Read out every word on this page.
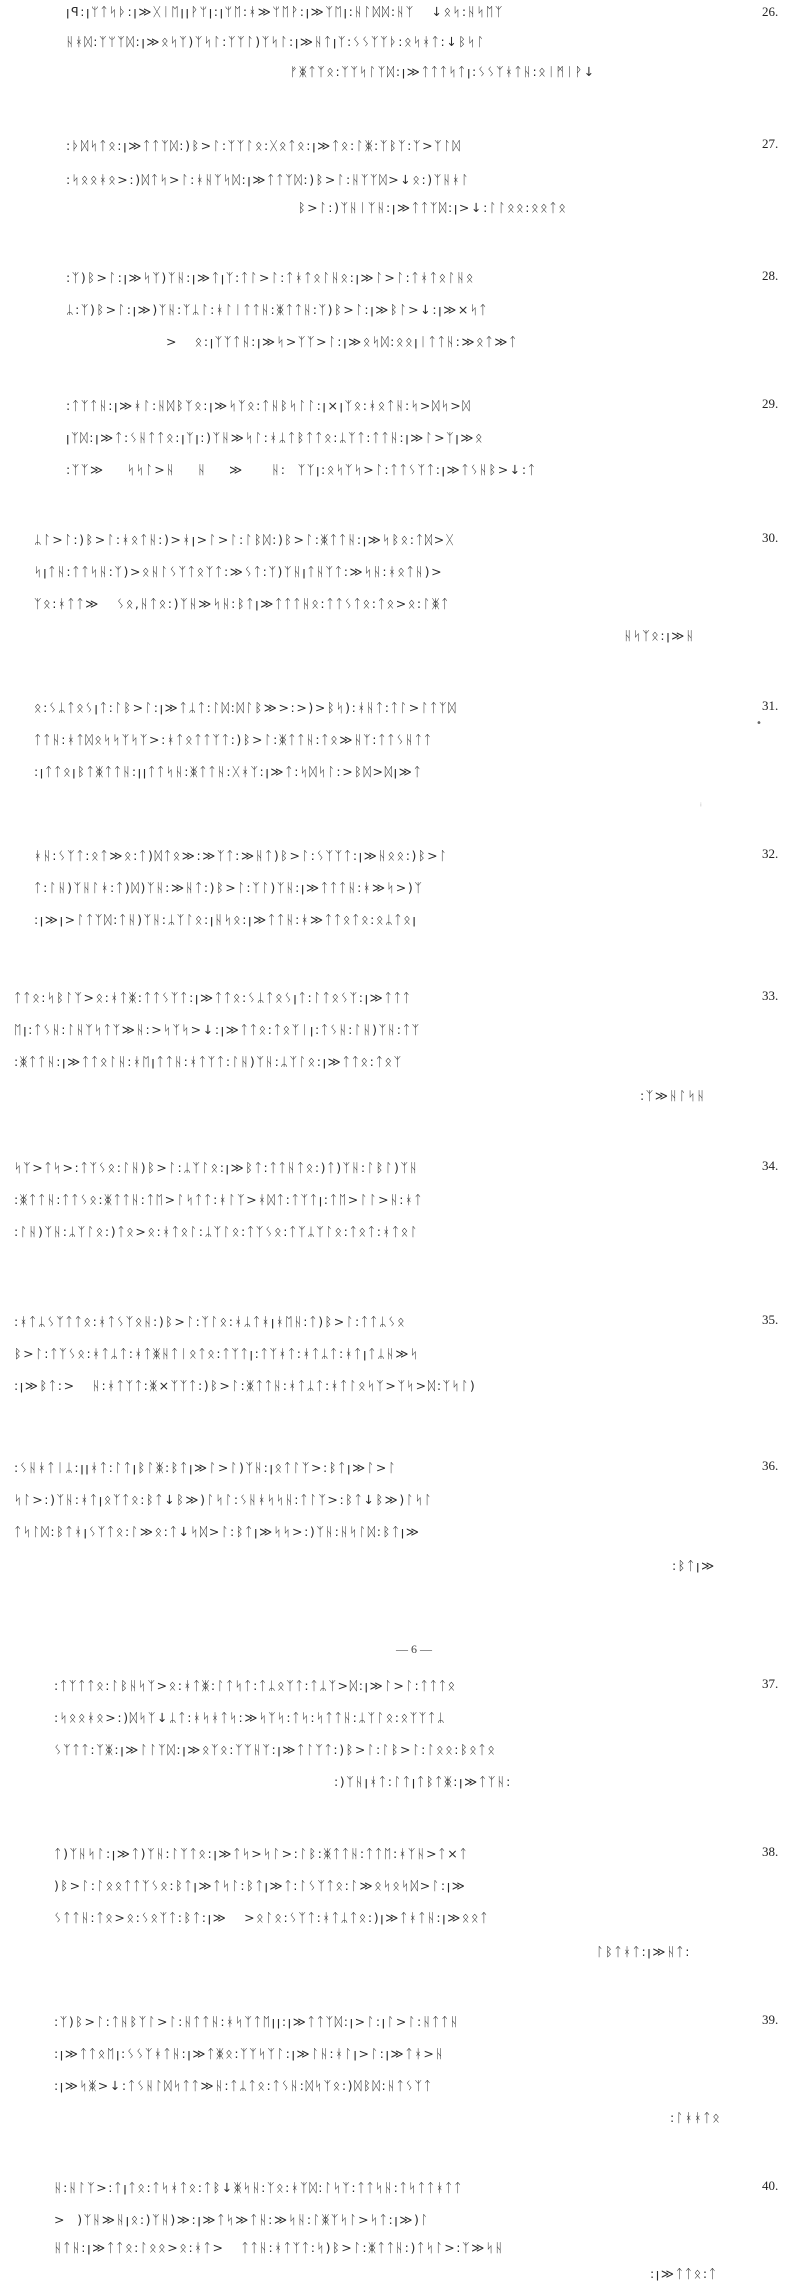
ꞁꟼ:ꞁᛘᛏᛋᚦ:ꞁ≫ᚷᛁᛖꞁꞁᚹᛘꞁ:ꞁᛘᛖ:ᚼ≫ᛘᛖᚹ:ꞁ≫ᛉᛖꞁ:ᚺᛚᛞᛞ:ᚺᛉ   ↓ᛟᛋ:ᚺᛋᛖᛉ
ᚺᚼᛞ:ᛉᛘᛉᛞ:ꞁ≫ᛟᛋᛉ)ᛉᛋᛚ:ᛉᛉᛚ)ᛉᛋᛚ:ꞁ≫ᚺᛏꞁᛉ:ᛊᛊᛉᛉᚦ:ᛟᛋᚼᛏ:↓ᛒᛋᛚ
ᚠᛤᛏᛉᛟ:ᛉᛉᛋᛚᛉᛞ:ꞁ≫ᛏᛏᛏᛋᛏꞁ:ᛊᛊᛉᚼᛏᚺ:ᛟᛁᛗᛁᚹ↓
26.
:ᚦᛞᛋᛏᛟ:ꞁ≫ᛏᛏᛉᛞ:)ᛒ>ᛚ:ᛉᛉᛚᛟ:ᚷᛟᛏᛟ:ꞁ≫ᛏᛟ:ᛚᛤ:ᛉᛒᛉ:ᛉ>ᛉᛚᛞ
:ᛋᛟᛟᚼᛟ>:)ᛞᛏᛋ>ᛚ:ᚼᚺᛉᛋᛞ:ꞁ≫ᛏᛏᛉᛞ:)ᛒ>ᛚ:ᚺᛉᛉᛞ>↓ᛟ:)ᛉᚺᚼᛚ
ᛒ>ᛚ:)ᛉᚺᛁᛉᚺ:ꞁ≫ᛏᛏᛉᛞ:ꞁ>↓:ᛚᛚᛟᛟ:ᛟᛟᛏᛟ
27.
:ᛉ)ᛒ>ᛚ:ꞁ≫ᛋᛉ)ᛉᚺ:ꞁ≫ᛏꞁᛉ:ᛏᛚ>ᛚ:ᛏᚼᛏᛟᛚᚺᛟ:ꞁ≫ᛚ>ᛚ:ᛏᚼᛏᛟᛚᚺᛟ
ᛦ:ᛉ)ᛒ>ᛚ:ꞁ≫)ᛉᚺ:ᛉᛦᛚ:ᚼᛚᛁᛏᛏᚺ:ᛤᛏᛏᚺ:ᛉ)ᛒ>ᛚ:ꞁ≫ᛒᛚ>↓:ꞁ≫×ᛋᛏ
>   ᛟ:ꞁᛉᛉᛏᚺ:ꞁ≫ᛋ>ᛉᛉ>ᛚ:ꞁ≫ᛟᛋᛞ:ᛟᛟꞁᛁᛏᛏᚺ:≫ᛟᛏ≫ᛏ
28.
:ᛏᛉᛏᚺ:ꞁ≫ᚼᛚ:ᚺᛞᛒᛉᛟ:ꞁ≫ᛋᛉᛟ:ᛏᚺᛒᛋᛚᛚ:ꞁ×ꞁᛉᛟ:ᚼᛟᛏᚺ:ᛋ>ᛞᛋ>ᛞ
ꞁᛉᛞ:ꞁ≫ᛏ:ᛊᚺᛏᛏᛟ:ꞁᛉꞁ:)ᛉᚺ≫ᛋᛚ:ᚼᛦᛏᛒᛏᛏᛟ:ᛦᛉᛏ:ᛏᛏᚺ:ꞁ≫ᛚ>ᛉꞁ≫ᛟ
:ᛉᛉ≫    ᛋᛋᛚ>ᚺ    ᚺ    ≫     ᚺ:  ᛉᛉꞁ:ᛟᛋᛉᛋ>ᛚ:ᛏᛏᛊᛉᛏ:ꞁ≫ᛏᛊᚺᛒ>↓:ᛏ
29.
ᛦᛚ>ᛚ:)ᛒ>ᛚ:ᚼᛟᛏᚺ:)>ᚼꞁ>ᛚ>ᛚ:ᛚᛒᛞ:)ᛒ>ᛚ:ᛤᛏᛏᚺ:ꞁ≫ᛋᛒᛟ:ᛏᛞ>ᚷ
ᛋꞁᛏᚺ:ᛏᛏᛋᚺ:ᛉ)>ᛟᚺᛚᛊᛉᛏᛟᛉᛏ:≫ᛊᛏ:ᛉ)ᛉᚺꞁᛏᚺᛉᛏ:≫ᛋᚺ:ᚼᛟᛏᚺ)>
ᛉᛟ:ᚼᛏᛏ≫   ᛊᛟ,ᚺᛏᛟ:)ᛉᚺ≫ᛋᚺ:ᛒᛏꞁ≫ᛏᛏᛏᚺᛟ:ᛏᛏᛊᛏᛟ:ᛏᛟ>ᛟ:ᛚᛤᛏ
ᚺᛋᛉᛟ:ꞁ≫ᚺ
30.
ᛟ:ᛊᛦᛏᛟᛊꞁᛏ:ᛚᛒ>ᛚ:ꞁ≫ᛏᛦᛏ:ᛚᛞ:ᛞᛚᛒ≫>:>)>ᛒᛋ):ᚼᚺᛏ:ᛏᛚ>ᛚᛏᛉᛞ
ᛏᛏᚺ:ᚼᛏᛞᛟᛋᛋᛉᛋᛉ>:ᚼᛏᛟᛏᛏᛉᛏ:)ᛒ>ᛚ:ᛤᛏᛏᚺ:ᛏᛟ≫ᚺᛉ:ᛏᛏᛊᚺᛏᛏ
:ꞁᛏᛏᛟꞁᛒᛏᛤᛏᛏᚺ:ꞁꞁᛏᛏᛋᚺ:ᛤᛏᛏᚺ:ᚷᚼᛉ:ꞁ≫ᛏ:ᛋᛞᛋᛚ:>ᛒᛞ>ᛞꞁ≫ᛏ
31.
ᚼᚺ:ᛊᛉᛏ:ᛟᛏ≫ᛟ:ᛏ)ᛞᛏᛟ≫:≫ᛉᛏ:≫ᚺᛏ)ᛒ>ᛚ:ᛊᛉᛉᛏ:ꞁ≫ᚺᛟᛟ:)ᛒ>ᛚ
ᛏ:ᛚᚺ)ᛉᚺᛚᚼ:ᛏ)ᛞ)ᛉᚺ:≫ᚺᛏ:)ᛒ>ᛚ:ᛉᛚ)ᛉᚺ:ꞁ≫ᛏᛏᛏᚺ:ᚼ≫ᛋ>)ᛉ
:ꞁ≫ꞁ>ᛚᛏᛉᛞ:ᛏᚺ)ᛉᚺ:ᛦᛉᛚᛟ:ꞁᚺᛋᛟ:ꞁ≫ᛏᛏᚺ:ᚼ≫ᛏᛏᛟᛏᛟ:ᛟᛦᛏᛟꞁ
32.
ᛏᛏᛟ:ᛋᛒᛚᛉ>ᛟ:ᚼᛏᛤ:ᛏᛏᛊᛉᛏ:ꞁ≫ᛏᛏᛟ:ᛊᛦᛏᛟᛊꞁᛏ:ᛚᛏᛟᛊᛉ:ꞁ≫ᛏᛏᛏ
ᛖꞁ:ᛏᛊᚺ:ᛚᚺᛉᛋᛏᛉ≫ᚺ:>ᛋᛉᛋ>↓:ꞁ≫ᛏᛏᛟ:ᛏᛟᛉᛁꞁ:ᛏᛊᚺ:ᛚᚺ)ᛉᚺ:ᛏᛉ
:ᛤᛏᛏᚺ:ꞁ≫ᛏᛏᛟᛚᚺ:ᚼᛖꞁᛏᛏᚺ:ᚼᛏᛉᛏ:ᛚᚺ)ᛉᚺ:ᛦᛉᛚᛟ:ꞁ≫ᛏᛏᛟ:ᛏᛟᛉ
:ᛉ≫ᚺᛚᛋᚺ
33.
ᛋᛉ>ᛏᛋ>:ᛏᛉᛊᛟ:ᛚᚺ)ᛒ>ᛚ:ᛦᛉᛚᛟ:ꞁ≫ᛒᛏ:ᛏᛏᚺᛏᛟ:)ᛏ)ᛉᚺ:ᛚᛒᛚ)ᛉᚺ
:ᛤᛏᛏᚺ:ᛏᛏᛊᛟ:ᛤᛏᛏᚺ:ᛏᛖ>ᛚᛋᛏᛏ:ᚼᛚᛉ>ᚼᛞᛏ:ᛏᛉᛏꞁ:ᛏᛖ>ᛚᛚ>ᚺ:ᚼᛏ
:ᛚᚺ)ᛉᚺ:ᛦᛉᛚᛟ:)ᛏᛟ>ᛟ:ᚼᛏᛟᛚ:ᛦᛉᛚᛟ:ᛏᛉᛊᛟ:ᛏᛉᛦᛉᛚᛟ:ᛏᛟᛏ:ᚼᛏᛟᛚ
34.
:ᚼᛏᛦᛊᛉᛏᛏᛟ:ᚼᛏᛊᛉᛟᚺ:)ᛒ>ᛚ:ᛉᛚᛟ:ᚼᛦᛏᚼꞁᚼᛖᚺ:ᛏ)ᛒ>ᛚ:ᛏᛏᛦᛊᛟ
ᛒ>ᛚ:ᛏᛉᛊᛟ:ᚼᛏᛦᛏ:ᚼᛏᛤᚺᛏᛁᛟᛏᛟ:ᛏᛉᛏꞁ:ᛏᛉᚼᛏ:ᚼᛏᛦᛏ:ᚼᛏꞁᛏᛦᚺ≫ᛋ
:ꞁ≫ᛒᛏ:>   ᚺ:ᚼᛏᛉᛏ:ᛤ×ᛉᛉᛏ:)ᛒ>ᛚ:ᛤᛏᛏᚺ:ᚼᛏᛦᛏ:ᚼᛏᛚᛟᛋᛉ>ᛉᛋ>ᛞ:ᛉᛋᛚ)
35.
:ᛊᚺᚼᛏᛁᛦ:ꞁꞁᚼᛏ:ᛚᛏꞁᛒᛚᛤ:ᛒᛏꞁ≫ᛚ>ᛚ)ᛉᚺ:ꞁᛟᛏᛚᛉ>:ᛒᛏꞁ≫ᛚ>ᛚ
ᛋᛚ>:)ᛉᚺ:ᚼᛏꞁᛟᛉᛏᛟ:ᛒᛏ↓ᛒ≫)ᛚᛋᛚ:ᛊᚺᚼᛋᛋᚺ:ᛏᛚᛉ>:ᛒᛏ↓ᛒ≫)ᛚᛋᛚ
ᛏᛋᛚᛞ:ᛒᛏᚼꞁᛊᛉᛏᛟ:ᛚ≫ᛟ:ᛏ↓ᛋᛞ>ᛚ:ᛒᛏꞁ≫ᛋᛋ>:)ᛉᚺ:ᚺᛋᛚᛞ:ᛒᛏꞁ≫
:ᛒᛏꞁ≫
36.
— 6 —
:ᛏᛉᛏᛏᛟ:ᛚᛒᚺᛋᛉ>ᛟ:ᚼᛏᛤ:ᛚᛏᛋᛏ:ᛏᛦᛟᛉᛏ:ᛏᛦᛉ>ᛞ:ꞁ≫ᛚ>ᛚ:ᛏᛏᛏᛟ
:ᛋᛟᛟᚼᛟ>:)ᛞᛋᛉ↓ᛦᛏ:ᚼᛋᚼᛏᛋ:≫ᛋᛉᛋ:ᛏᛋ:ᛋᛏᛏᚺ:ᛦᛉᛚᛟ:ᛟᛉᛉᛏᛦ
ᛊᛉᛏᛏ:ᛉᛤ:ꞁ≫ᛚᛚᛉᛞ:ꞁ≫ᛟᛉᛟ:ᛉᛉᚺᛉ:ꞁ≫ᛏᛚᛉᛏ:)ᛒ>ᛚ:ᛚᛒ>ᛚ:ᛚᛟᛟ:ᛒᛟᛏᛟ
:)ᛉᚺꞁᚼᛏ:ᛚᛏꞁᛏᛒᛏᛤ:ꞁ≫ᛏᛉᚺ:
37.
ᛏ)ᛉᚺᛋᛚ:ꞁ≫ᛏ)ᛉᚺ:ᛚᛉᛏᛟ:ꞁ≫ᛏᛋ>ᛋᛚ>:ᛚᛒ:ᛤᛏᛏᚺ:ᛏᛏᛖ:ᚼᛉᚺ>ᛏ×ᛏ
)ᛒ>ᛚ:ᛚᛟᛟᛏᛏᛉᛊᛟ:ᛒᛏꞁ≫ᛏᛋᛚ:ᛒᛏꞁ≫ᛏ:ᛚᛊᛉᛏᛟ:ᛚ≫ᛟᛋᛟᛋᛞ>ᛚ:ꞁ≫
ᛊᛏᛏᚺ:ᛏᛟ>ᛟ:ᛊᛟᛉᛏ:ᛒᛏ:ꞁ≫   >ᛟᛚᛟ:ᛊᛉᛏ:ᚼᛏᛦᛏᛟ:)ꞁ≫ᛏᚼᛏᚺ:ꞁ≫ᛟᛟᛏ
ᛚᛒᛏᚼᛏ:ꞁ≫ᚺᛏ:
38.
:ᛉ)ᛒ>ᛚ:ᛏᚺᛒᛉᛚ>ᛚ:ᚺᛏᛏᚺ:ᚼᛋᛉᛏᛖꞁꞁ:ꞁ≫ᛏᛏᛉᛞ:ꞁ>ᛚ:ꞁᛚ>ᛚ:ᚺᛏᛏᚺ
:ꞁ≫ᛏᛏᛟᛖꞁ:ᛊᛊᛉᚼᛏᚺ:ꞁ≫ᛏᛤᛟ:ᛉᛉᛋᛉᛚ:ꞁ≫ᛚᚺ:ᚼᛚꞁ>ᛚ:ꞁ≫ᛏᚼ>ᚺ
:ꞁ≫ᛋᛤ>↓:ᛏᛊᚺᛚᛞᛋᛏᛏ≫ᚺ:ᛏᛦᛏᛟ:ᛏᛊᚺ:ᛞᛋᛉᛟ:)ᛞᛒᛞ:ᚺᛏᛊᛉᛏ
:ᛚᚼᚼᛏᛟ
39.
ᚺ:ᚺᛚᛉ>:ᛏꞁᛏᛟ:ᛏᛋᚼᛏᛟ:ᛏᛒ↓ᛤᛋᚺ:ᛉᛟ:ᚼᛉᛞ:ᛚᛋᛉ:ᛏᛏᛋᚺ:ᛏᛋᛏᛏᚼᛏᛏ
>  )ᛉᚺ≫ᚺꞁᛟ:)ᛉᚺ)≫:ꞁ≫ᛏᛋ≫ᛏᚺ:≫ᛋᚺ:ᛚᛤᛉᛋᛚ>ᛋᛏ:ꞁ≫)ᛚ
ᚺᛏᚺ:ꞁ≫ᛏᛏᛟ:ᛚᛟᛟ>ᛟ:ᚼᛏ>   ᛏᛏᚺ:ᚼᛏᛉᛏ:ᛋ)ᛒ>ᛚ:ᛤᛏᛏᚺ:)ᛏᛋᛚ>:ᛉ≫ᛋᚺ
:ꞁ≫ᛏᛏᛟ:ᛏ
40.
•
ⁱ
